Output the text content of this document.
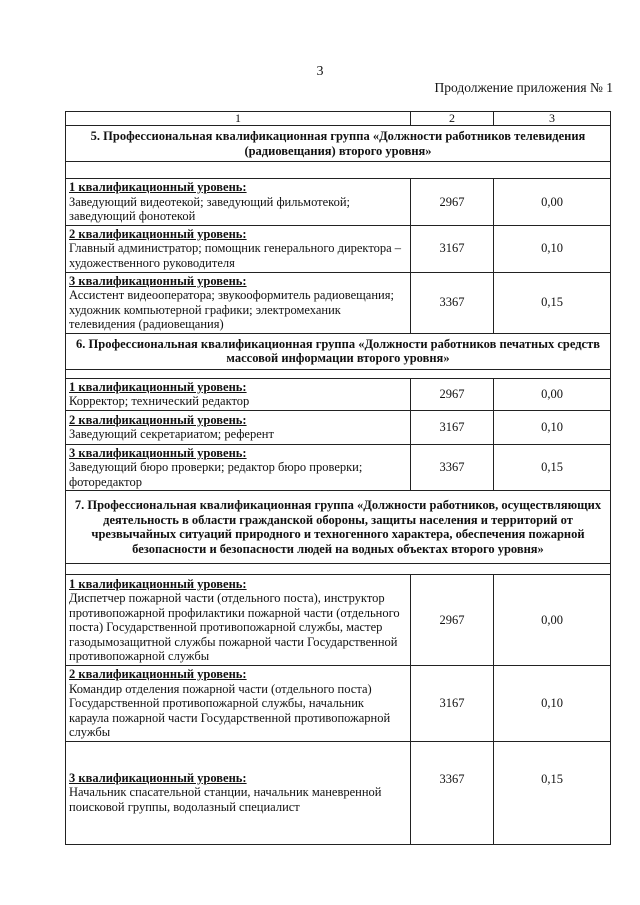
3
Продолжение приложения № 1
1	2	3
5. Профессиональная квалификационная группа «Должности работников телевидения (радиовещания) второго уровня»		

1 квалификационный уровень:
Заведующий видеотекой; заведующий фильмотекой; заведующий фонотекой	2967	0,00

2 квалификационный уровень:
Главный администратор; помощник генерального директора – художественного руководителя	3167	0,10

3 квалификационный уровень:
Ассистент видеооператора; звукооформитель радиовещания; художник компьютерной графики; электромеханик телевидения (радиовещания)	3367	0,15
6. Профессиональная квалификационная группа «Должности работников печатных средств массовой информации второго уровня»		

1 квалификационный уровень:
Корректор; технический редактор	2967	0,00

2 квалификационный уровень:
Заведующий секретариатом; референт	3167	0,10

3 квалификационный уровень:
Заведующий бюро проверки; редактор бюро проверки; фоторедактор	3367	0,15
7. Профессиональная квалификационная группа «Должности работников, осуществляющих деятельность в области гражданской обороны, защиты населения и территорий от чрезвычайных ситуаций природного и техногенного характера, обеспечения пожарной безопасности и безопасности людей на водных объектах второго уровня»		

1 квалификационный уровень:
Диспетчер пожарной части (отдельного поста), инструктор противопожарной профилактики пожарной части (отдельного поста) Государственной противопожарной службы, мастер газодымозащитной службы пожарной части Государственной противопожарной службы	2967	0,00

2 квалификационный уровень:
Командир отделения пожарной части (отдельного поста) Государственной противопожарной службы, начальник караула пожарной части Государственной противопожарной службы	3167	0,10

3 квалификационный уровень:
Начальник спасательной станции, начальник маневренной поисковой группы, водолазный специалист	3367	0,15
